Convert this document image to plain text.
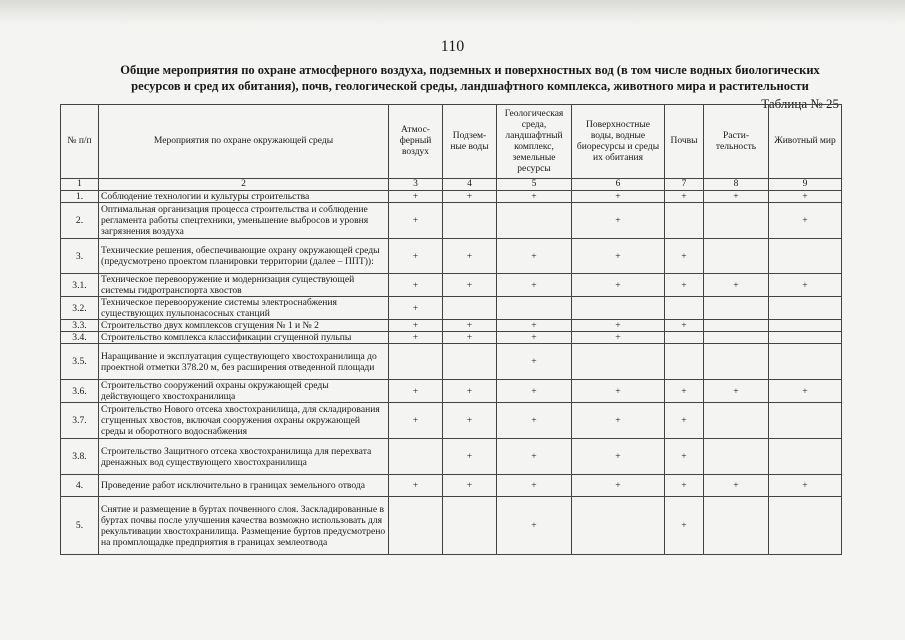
110
Общие мероприятия по охране атмосферного воздуха, подземных и поверхностных вод (в том числе водных биологических ресурсов и сред их обитания), почв, геологической среды, ландшафтного комплекса, животного мира и растительности
Таблица № 25
№ п/п	Мероприятия по охране окружающей среды	Атмос-ферный воздух	Подзем-ные воды	Геологическая среда, ландшафтный комплекс, земельные ресурсы	Поверхностные воды, водные биоресурсы и среды их обитания	Почвы	Расти-тельность	Животный мир
1	2	3	4	5	6	7	8	9
1.	Соблюдение технологии и культуры строительства	+	+	+	+	+	+	+
2.	Оптимальная организация процесса строительства и соблюдение регламента работы спецтехники, уменьшение выбросов и уровня загрязнения воздуха	+			+			+
3.	Технические решения, обеспечивающие охрану окружающей среды (предусмотрено проектом планировки территории (далее – ППТ)):	+	+	+	+	+		
3.1.	Техническое перевооружение и модернизация существующей системы гидротранспорта хвостов	+	+	+	+	+	+	+
3.2.	Техническое перевооружение системы электроснабжения существующих пульпонасосных станций	+						
3.3.	Строительство двух комплексов сгущения № 1 и № 2	+	+	+	+	+		
3.4.	Строительство комплекса классификации сгущенной пульпы	+	+	+	+			
3.5.	Наращивание и эксплуатация существующего хвостохранилища до проектной отметки 378.20 м, без расширения отведенной площади			+				
3.6.	Строительство сооружений охраны окружающей среды действующего хвостохранилища	+	+	+	+	+	+	+
3.7.	Строительство Нового отсека хвостохранилища, для складирования сгущенных хвостов, включая сооружения охраны окружающей среды и оборотного водоснабжения	+	+	+	+	+		
3.8.	Строительство Защитного отсека хвостохранилища для перехвата дренажных вод существующего хвостохранилища		+	+	+	+		
4.	Проведение работ исключительно в границах земельного отвода	+	+	+	+	+	+	+
5.	Снятие и размещение в буртах почвенного слоя. Заскладированные в буртах почвы после улучшения качества возможно использовать для рекультивации хвостохранилища. Размещение буртов предусмотрено на промплощадке предприятия в границах землеотвода			+		+		
